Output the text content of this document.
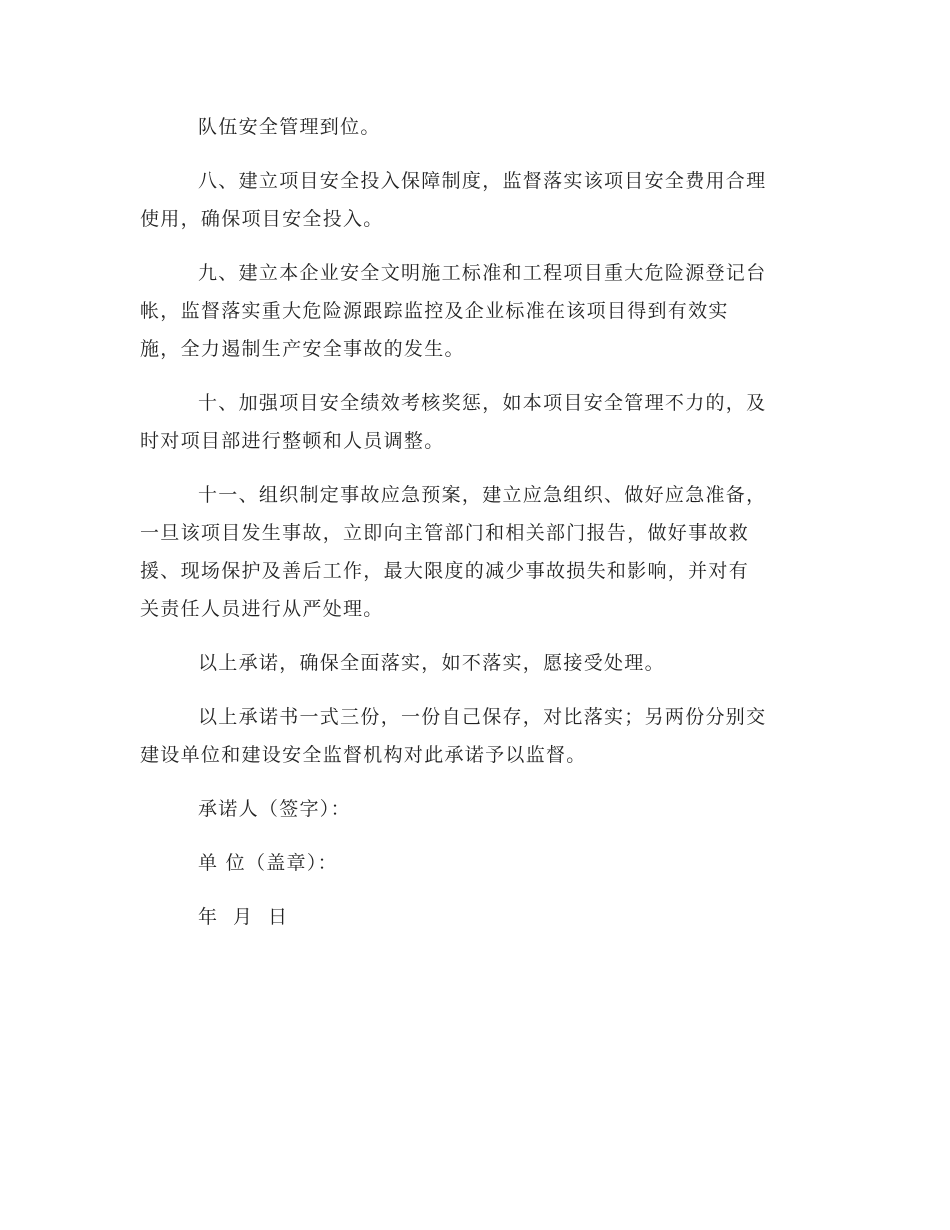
队伍安全管理到位。

八、建立项目安全投入保障制度，监督落实该项目安全费用合理
使用，确保项目安全投入。

九、建立本企业安全文明施工标准和工程项目重大危险源登记台
帐，监督落实重大危险源跟踪监控及企业标准在该项目得到有效实
施，全力遏制生产安全事故的发生。

十、加强项目安全绩效考核奖惩，如本项目安全管理不力的，及
时对项目部进行整顿和人员调整。

十一、组织制定事故应急预案，建立应急组织、做好应急准备，
一旦该项目发生事故，立即向主管部门和相关部门报告，做好事故救
援、现场保护及善后工作，最大限度的减少事故损失和影响，并对有
关责任人员进行从严处理。

以上承诺，确保全面落实，如不落实，愿接受处理。

以上承诺书一式三份，一份自己保存，对比落实；另两份分别交
建设单位和建设安全监督机构对此承诺予以监督。

承诺人（签字）：
单 位（盖章）：
年  月  日
